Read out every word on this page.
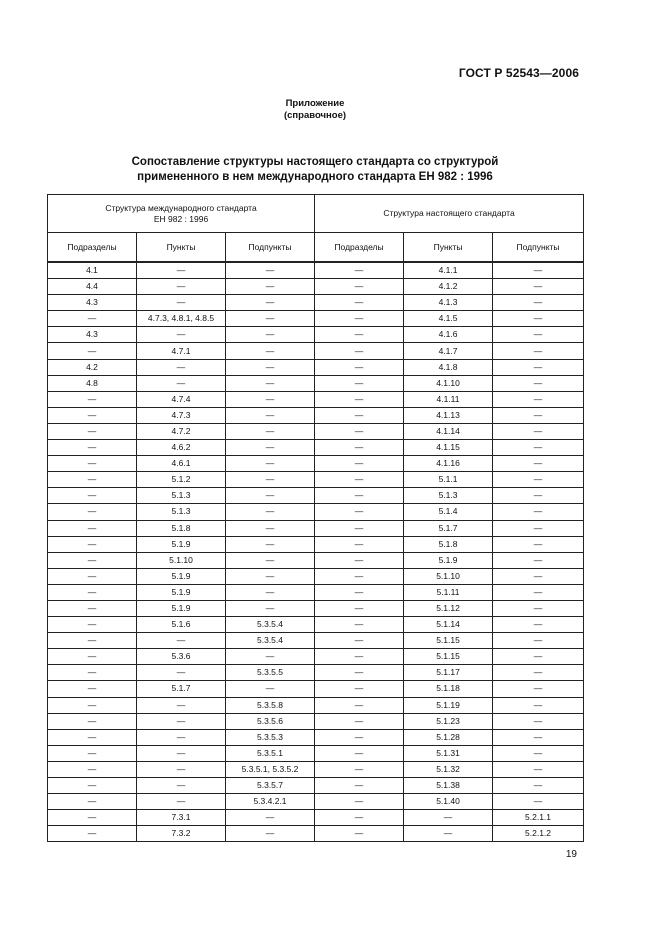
ГОСТ Р 52543—2006
Приложение
(справочное)
Сопоставление структуры настоящего стандарта со структурой
примененного в нем международного стандарта ЕН 982 : 1996
Структура международного стандарта
ЕН 982 : 1996			Структура настоящего стандарта		
Подразделы	Пункты	Подпункты	Подразделы	Пункты	Подпункты
4.1	—	—	—	4.1.1	—
4.4	—	—	—	4.1.2	—
4.3	—	—	—	4.1.3	—
—	4.7.3, 4.8.1, 4.8.5	—	—	4.1.5	—
4.3	—	—	—	4.1.6	—
—	4.7.1	—	—	4.1.7	—
4.2	—	—	—	4.1.8	—
4.8	—	—	—	4.1.10	—
—	4.7.4	—	—	4.1.11	—
—	4.7.3	—	—	4.1.13	—
—	4.7.2	—	—	4.1.14	—
—	4.6.2	—	—	4.1.15	—
—	4.6.1	—	—	4.1.16	—
—	5.1.2	—	—	5.1.1	—
—	5.1.3	—	—	5.1.3	—
—	5.1.3	—	—	5.1.4	—
—	5.1.8	—	—	5.1.7	—
—	5.1.9	—	—	5.1.8	—
—	5.1.10	—	—	5.1.9	—
—	5.1.9	—	—	5.1.10	—
—	5.1.9	—	—	5.1.11	—
—	5.1.9	—	—	5.1.12	—
—	5.1.6	5.3.5.4	—	5.1.14	—
—	—	5.3.5.4	—	5.1.15	—
—	5.3.6	—	—	5.1.15	—
—	—	5.3.5.5	—	5.1.17	—
—	5.1.7	—	—	5.1.18	—
—	—	5.3.5.8	—	5.1.19	—
—	—	5.3.5.6	—	5.1.23	—
—	—	5.3.5.3	—	5.1.28	—
—	—	5.3.5.1	—	5.1.31	—
—	—	5.3.5.1, 5.3.5.2	—	5.1.32	—
—	—	5.3.5.7	—	5.1.38	—
—	—	5.3.4.2.1	—	5.1.40	—
—	7.3.1	—	—	—	5.2.1.1
—	7.3.2	—	—	—	5.2.1.2
19
